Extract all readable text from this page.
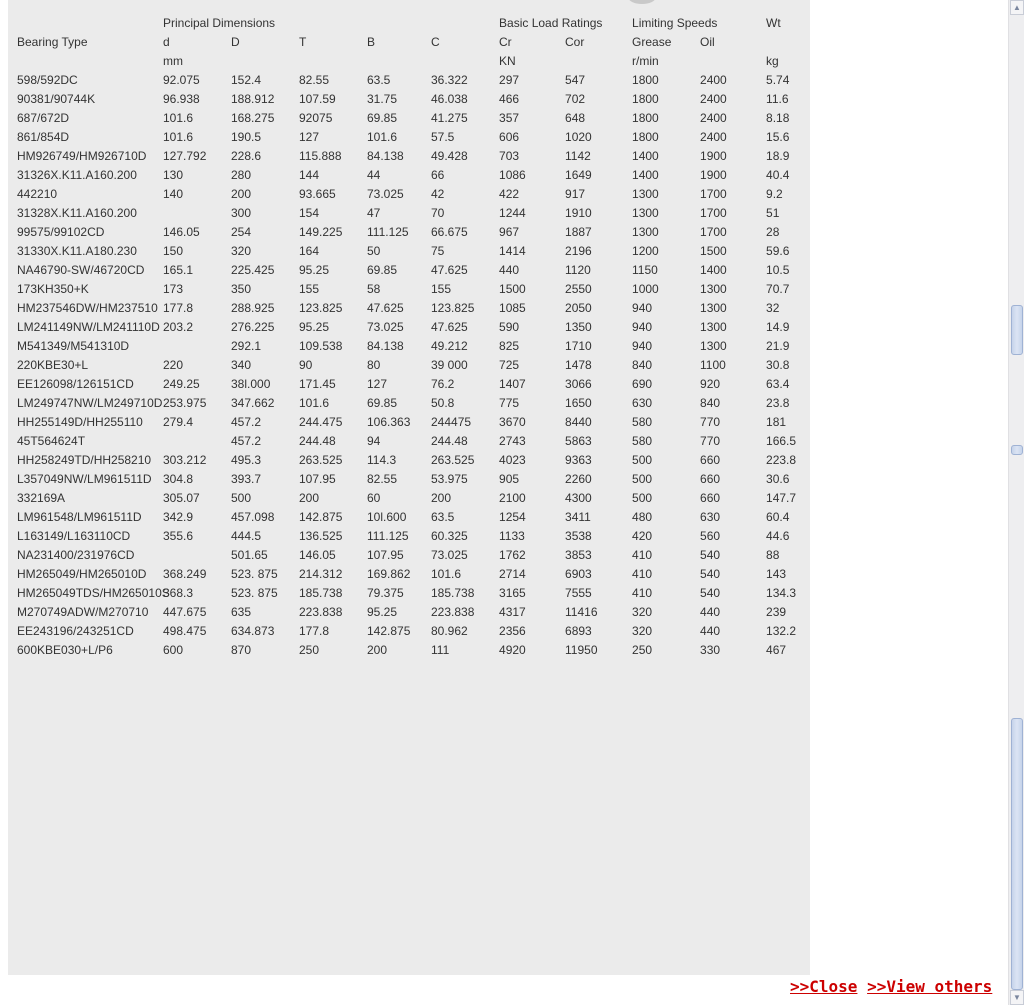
	Principal Dimensions					Basic Load Ratings		Limiting Speeds		Wt
Bearing Type	d	D	T	B	C	Cr	Cor	Grease	Oil	
	mm					KN		r/min		kg
598/592DC	92.075	152.4	82.55	63.5	36.322	297	547	1800	2400	5.74
90381/90744K	96.938	188.912	107.59	31.75	46.038	466	702	1800	2400	11.6
687/672D	101.6	168.275	92075	69.85	41.275	357	648	1800	2400	8.18
861/854D	101.6	190.5	127	101.6	57.5	606	1020	1800	2400	15.6
HM926749/HM926710D	127.792	228.6	115.888	84.138	49.428	703	1142	1400	1900	18.9
31326X.K11.A160.200	130	280	144	44	66	1086	1649	1400	1900	40.4
442210	140	200	93.665	73.025	42	422	917	1300	1700	9.2
31328X.K11.A160.200		300	154	47	70	1244	1910	1300	1700	51
99575/99102CD	146.05	254	149.225	111.125	66.675	967	1887	1300	1700	28
31330X.K11.A180.230	150	320	164	50	75	1414	2196	1200	1500	59.6
NA46790-SW/46720CD	165.1	225.425	95.25	69.85	47.625	440	1120	1150	1400	10.5
173KH350+K	173	350	155	58	155	1500	2550	1000	1300	70.7
HM237546DW/HM237510	177.8	288.925	123.825	47.625	123.825	1085	2050	940	1300	32
LM241149NW/LM241110D	203.2	276.225	95.25	73.025	47.625	590	1350	940	1300	14.9
M541349/M541310D		292.1	109.538	84.138	49.212	825	1710	940	1300	21.9
220KBE30+L	220	340	90	80	39 000	725	1478	840	1100	30.8
EE126098/126151CD	249.25	38l.000	171.45	127	76.2	1407	3066	690	920	63.4
LM249747NW/LM249710D	253.975	347.662	101.6	69.85	50.8	775	1650	630	840	23.8
HH255149D/HH255110	279.4	457.2	244.475	106.363	244475	3670	8440	580	770	181
45T564624T		457.2	244.48	94	244.48	2743	5863	580	770	166.5
HH258249TD/HH258210	303.212	495.3	263.525	114.3	263.525	4023	9363	500	660	223.8
L357049NW/LM961511D	304.8	393.7	107.95	82.55	53.975	905	2260	500	660	30.6
332169A	305.07	500	200	60	200	2100	4300	500	660	147.7
LM961548/LM961511D	342.9	457.098	142.875	10l.600	63.5	1254	3411	480	630	60.4
L163149/L163110CD	355.6	444.5	136.525	111.125	60.325	1133	3538	420	560	44.6
NA231400/231976CD		501.65	146.05	107.95	73.025	1762	3853	410	540	88
HM265049/HM265010D	368.249	523. 875	214.312	169.862	101.6	2714	6903	410	540	143
HM265049TDS/HM265010S	368.3	523. 875	185.738	79.375	185.738	3165	7555	410	540	134.3
M270749ADW/M270710	447.675	635	223.838	95.25	223.838	4317	11416	320	440	239
EE243196/243251CD	498.475	634.873	177.8	142.875	80.962	2356	6893	320	440	132.2
600KBE030+L/P6	600	870	250	200	111	4920	11950	250	330	467
▲
▼
>>Close >>View others
